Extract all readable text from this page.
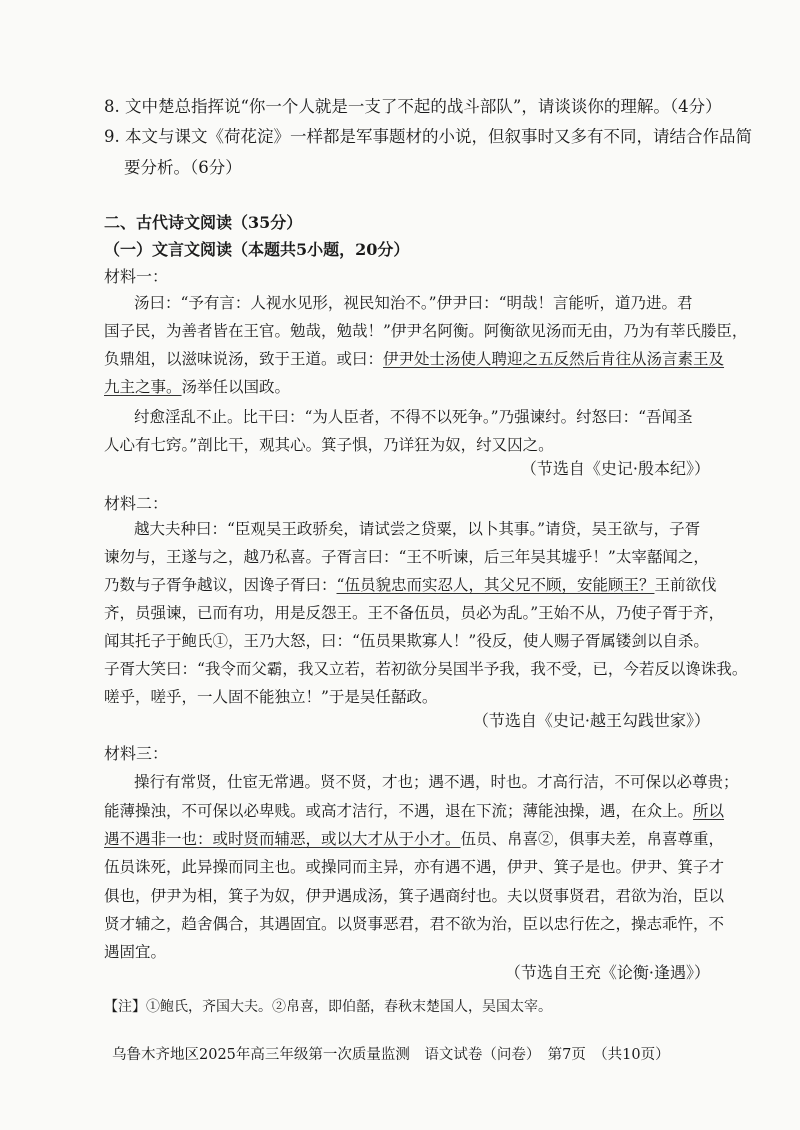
8. 文中楚总指挥说“你一个人就是一支了不起的战斗部队”，请谈谈你的理解。（4分）
9. 本文与课文《荷花淀》一样都是军事题材的小说，但叙事时又多有不同，请结合作品简
要分析。（6分）
二、古代诗文阅读（35分）
（一）文言文阅读（本题共5小题，20分）
材料一：
汤曰：“予有言：人视水见形，视民知治不。”伊尹曰：“明哉！言能听，道乃进。君
国子民，为善者皆在王官。勉哉，勉哉！”伊尹名阿衡。阿衡欲见汤而无由，乃为有莘氏媵臣，
负鼎俎，以滋味说汤，致于王道。或曰：伊尹处士汤使人聘迎之五反然后肯往从汤言素王及
九主之事。汤举任以国政。
纣愈淫乱不止。比干曰：“为人臣者，不得不以死争。”乃强谏纣。纣怒曰：“吾闻圣
人心有七窍。”剖比干，观其心。箕子惧，乃详狂为奴，纣又囚之。
（节选自《史记·殷本纪》）
材料二：
越大夫种曰：“臣观吴王政骄矣，请试尝之贷粟，以卜其事。”请贷，吴王欲与，子胥
谏勿与，王遂与之，越乃私喜。子胥言曰：“王不听谏，后三年吴其墟乎！”太宰嚭闻之，
乃数与子胥争越议，因谗子胥曰：“伍员貌忠而实忍人，其父兄不顾，安能顾王？王前欲伐
齐，员强谏，已而有功，用是反怨王。王不备伍员，员必为乱。”王始不从，乃使子胥于齐，
闻其托子于鲍氏①，王乃大怒，曰：“伍员果欺寡人！”役反，使人赐子胥属镂剑以自杀。
子胥大笑曰：“我令而父霸，我又立若，若初欲分吴国半予我，我不受，已，今若反以谗诛我。
嗟乎，嗟乎，一人固不能独立！”于是吴任嚭政。
（节选自《史记·越王勾践世家》）
材料三：
操行有常贤，仕宦无常遇。贤不贤，才也；遇不遇，时也。才高行洁，不可保以必尊贵；
能薄操浊，不可保以必卑贱。或高才洁行，不遇，退在下流；薄能浊操，遇，在众上。所以
遇不遇非一也：或时贤而辅恶，或以大才从于小才。伍员、帛喜②，俱事夫差，帛喜尊重，
伍员诛死，此异操而同主也。或操同而主异，亦有遇不遇，伊尹、箕子是也。伊尹、箕子才
俱也，伊尹为相，箕子为奴，伊尹遇成汤，箕子遇商纣也。夫以贤事贤君，君欲为治，臣以
贤才辅之，趋舍偶合，其遇固宜。以贤事恶君，君不欲为治，臣以忠行佐之，操志乖忤，不
遇固宜。
（节选自王充《论衡·逢遇》）
【注】①鲍氏，齐国大夫。②帛喜，即伯嚭，春秋末楚国人，吴国太宰。
乌鲁木齐地区2025年高三年级第一次质量监测　语文试卷（问卷）　第7页　（共10页）
